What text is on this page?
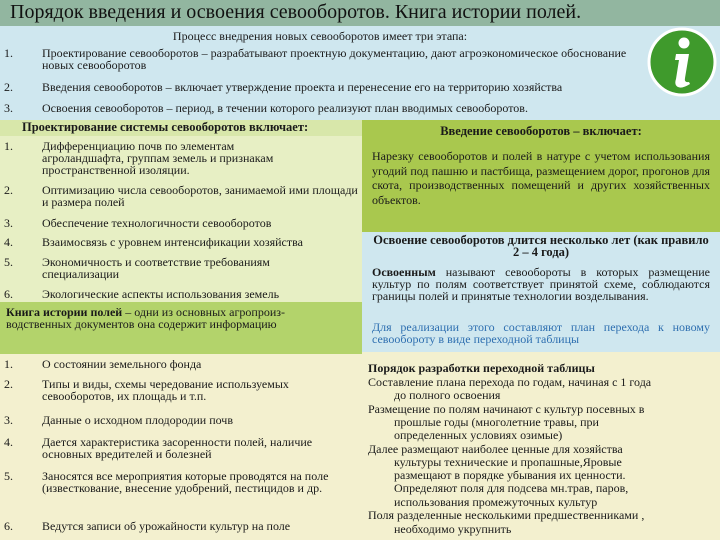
Порядок введения и освоения севооборотов. Книга истории полей.
Процесс внедрения новых севооборотов имеет три этапа:
1. Проектирование севооборотов – разрабатывают проектную документацию, дают агроэкономическое обоснование новых севооборотов
2. Введения севооборотов – включает утверждение проекта и перенесение его на территорию хозяйства
3. Освоения севооборотов – период, в течении которого реализуют план вводимых севооборотов.
Проектирование системы севооборотов включает:
1. Дифференциацию почв по элементам агроландшафта, группам земель и признакам пространственной изоляции.
2. Оптимизацию числа севооборотов, занимаемой ими площади и размера полей
3. Обеспечение технологичности севооборотов
4. Взаимосвязь с уровнем интенсификации хозяйства
5. Экономичность и соответствие требованиям специализации
6. Экологические аспекты использования земель
Книга истории полей – одни из основных агропроиз-водственных документов она содержит информацию
1. О состоянии земельного фонда
2. Типы и виды, схемы чередование используемых севооборотов, их площадь и т.п.
3. Данные о исходном плодородии почв
4. Дается характеристика засоренности полей, наличие основных вредителей и болезней
5. Заносятся все мероприятия которые проводятся на поле (известкование, внесение удобрений, пестицидов и др.
6. Ведутся записи об урожайности культур на поле
Введение севооборотов – включает:
Нарезку севооборотов и полей в натуре с учетом использования угодий под пашню и пастбища, размещением дорог, прогонов для скота, производственных помещений и других хозяйственных объектов.
Освоение севооборотов длится несколько лет (как правило 2 – 4 года)
Освоенным называют севообороты в которых размещение культур по полям соответствует принятой схеме, соблюдаются границы полей и принятые технологии возделывания.
Для реализации этого составляют план перехода к новому севообороту в виде переходной таблицы
Порядок разработки переходной таблицы
Составление плана перехода по годам, начиная с 1 года
до полного освоения
Размещение по полям начинают с культур посевных в
прошлые годы (многолетние травы, при
определенных условиях озимые)
Далее размещают наиболее ценные для хозяйства
культуры технические и пропашные,Яровые
размещают в порядке убывания их ценности.
Определяют поля для подсева мн.трав, паров,
использования промежуточных культур
Поля разделенные несколькими предшественниками ,
необходимо укрупнить
